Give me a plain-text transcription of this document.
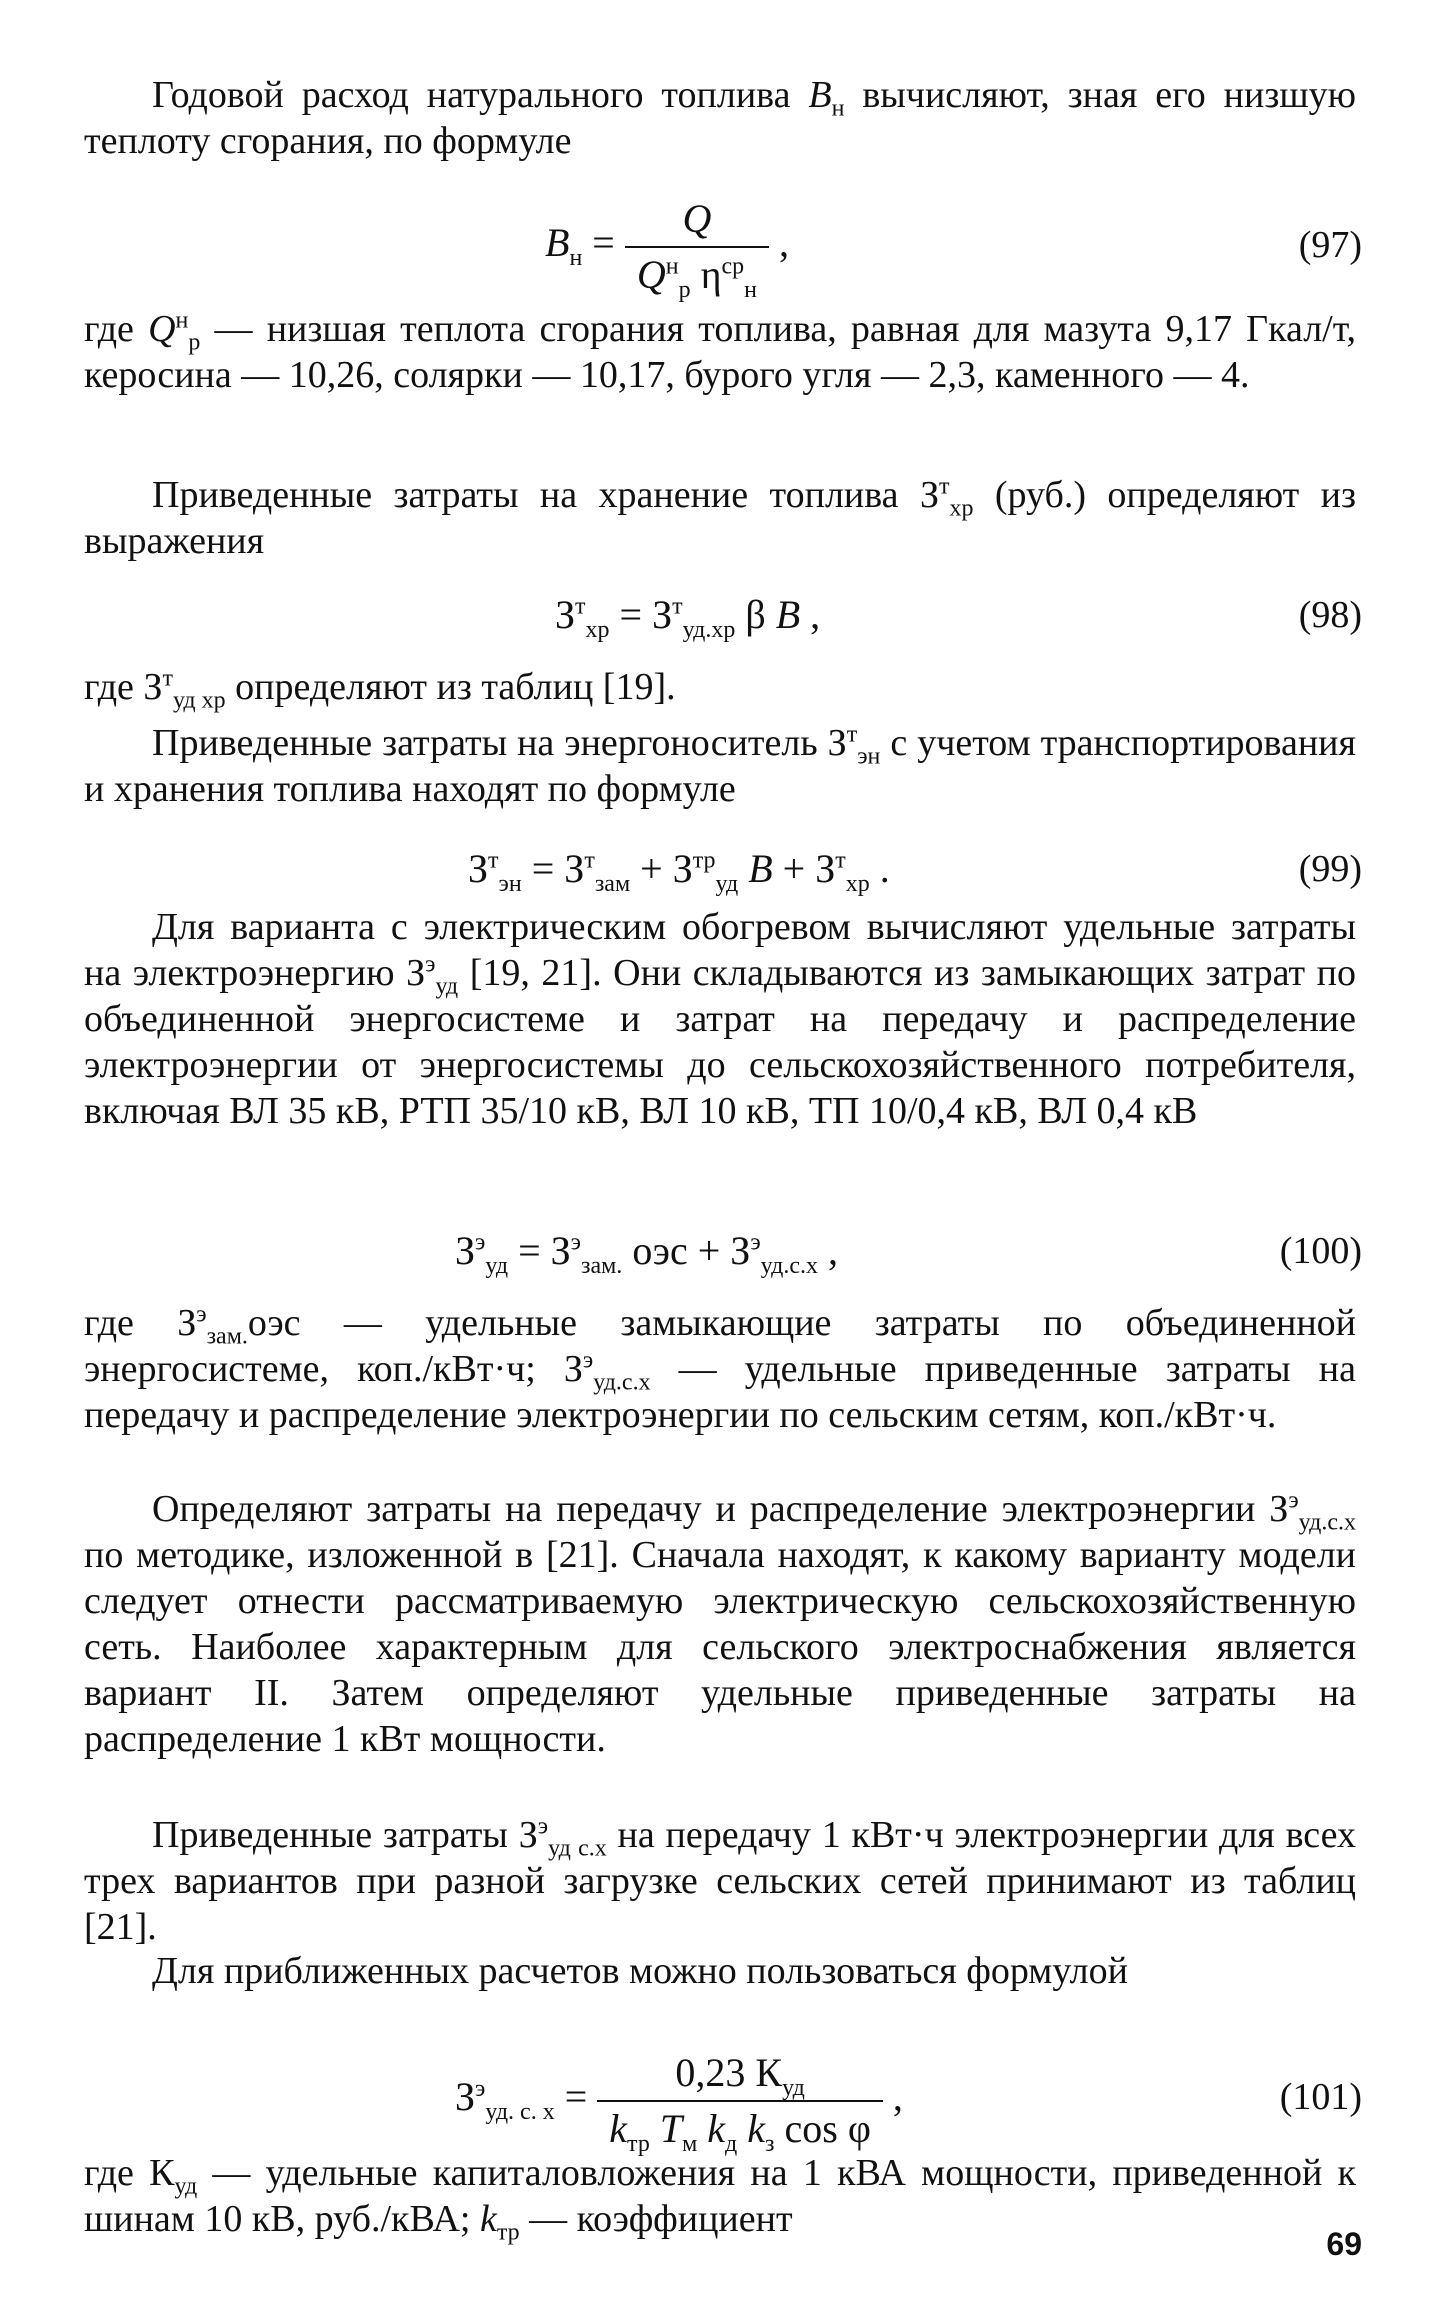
Годовой расход натурального топлива $B_н$ вычисляют, зная его низшую теплоту сгорания, по формуле

$B_н = \frac{Q}{Q^н_р \eta^{ср}_н}$ ,	(97)

где $Q^н_р$ — низшая теплота сгорания топлива, равная для мазута 9,17 Гкал/т, керосина — 10,26, солярки — 10,17, бурого угля — 2,3, каменного — 4.

Приведенные затраты на хранение топлива $З^т_{хр}$ (руб.) определяют из выражения

$З^т_{хр} = З^т_{уд.хр}$ β B ,	(98)

где $З^т_{уд хр}$ определяют из таблиц [19].

Приведенные затраты на энергоноситель $З^т_{эн}$ с учетом транспортирования и хранения топлива находят по формуле

$З^т_{эн} = З^т_{зам} + З^{тр}_{уд}$ $B + З^т_{хр}$ .	(99)

Для варианта с электрическим обогревом вычисляют удельные затраты на электроэнергию $З^э_{уд}$ [19, 21]. Они складываются из замыкающих затрат по объединенной энергосистеме и затрат на передачу и распределение электроэнергии от энергосистемы до сельскохозяйственного потребителя, включая ВЛ 35 кВ, РТП 35/10 кВ, ВЛ 10 кВ, ТП 10/0,4 кВ, ВЛ 0,4 кВ

$З^э_{уд} = З^э_{зам.}$ оэс + $З^э_{уд.с.х}$ ,	(100)

где $З^э_{зам.}оэс$ — удельные замыкающие затраты по объединенной энергосистеме, коп./кВт·ч; $З^э_{уд.с.х}$ — удельные приведенные затраты на передачу и распределение электроэнергии по сельским сетям, коп./кВт·ч.

Определяют затраты на передачу и распределение электроэнергии $З^э_{уд.с.х}$ по методике, изложенной в [21]. Сначала находят, к какому варианту модели следует отнести рассматриваемую электрическую сельскохозяйственную сеть. Наиболее характерным для сельского электроснабжения является вариант II. Затем определяют удельные приведенные затраты на распределение 1 кВт мощности.

Приведенные затраты $З^э_{уд с.х}$ на передачу 1 кВт·ч электроэнергии для всех трех вариантов при разной загрузке сельских сетей принимают из таблиц [21].

Для приближенных расчетов можно пользоваться формулой

$З^э_{уд. с. х} = \frac{0,23 К_{уд}}{k_{тр} T_м k_д k_з \cos \varphi}$ ,	(101)

где $К_{уд}$ — удельные капиталовложения на 1 кВА мощности, приведенной к шинам 10 кВ, руб./кВА; $k_{тр}$ — коэффициент

69
